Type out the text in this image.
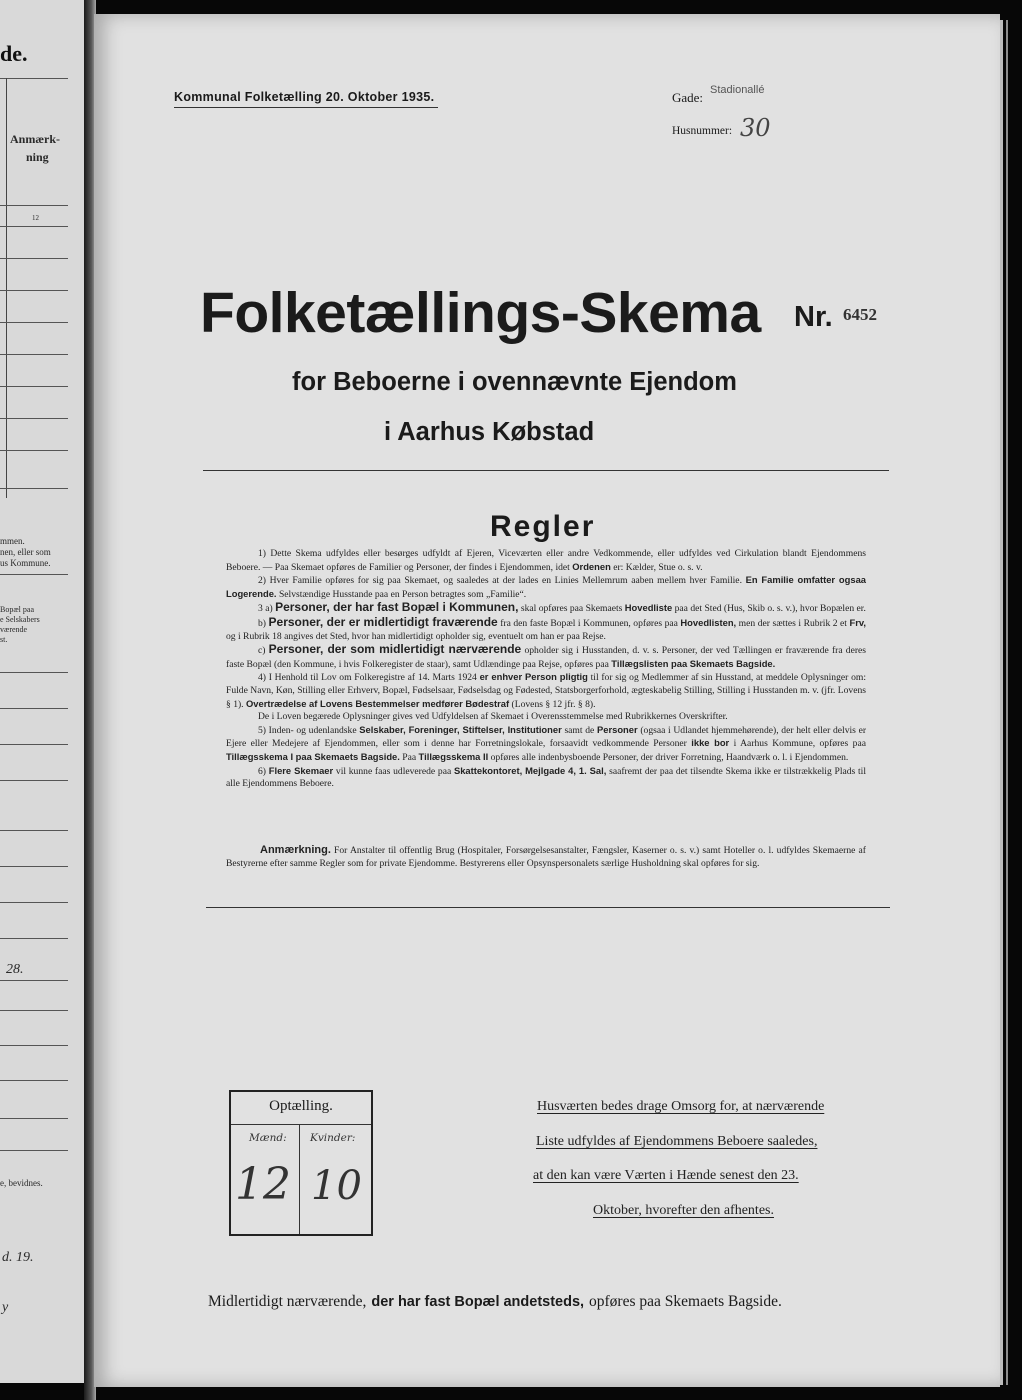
de.
Anmærk-
ning
12
mmen.
nen, eller som
us Kommune.
Bopæl paa
e Selskabers
værende
st.
28.
e, bevidnes.
d. 19.
y
Kommunal Folketælling 20. Oktober 1935.	Gade: Stadionallé
Husnummer: 30
Folketællings-Skema Nr. 6452
for Beboerne i ovennævnte Ejendom
i Aarhus Købstad
Regler

1) Dette Skema udfyldes eller besørges udfyldt af Ejeren, Viceværten eller andre Vedkommende, eller udfyldes ved Cirkulation blandt Ejendommens Beboere. — Paa Skemaet opføres de Familier og Personer, der findes i Ejendommen, idet Ordenen er: Kælder, Stue o. s. v.

2) Hver Familie opføres for sig paa Skemaet, og saaledes at der lades en Linies Mellemrum aaben mellem hver Familie. En Familie omfatter ogsaa Logerende. Selvstændige Husstande paa en Person betragtes som „Familie“.

3 a) Personer, der har fast Bopæl i Kommunen, skal opføres paa Skemaets Hovedliste paa det Sted (Hus, Skib o. s. v.), hvor Bopælen er.

b) Personer, der er midlertidigt fraværende fra den faste Bopæl i Kommunen, opføres paa Hovedlisten, men der sættes i Rubrik 2 et Frv, og i Rubrik 18 angives det Sted, hvor han midlertidigt opholder sig, eventuelt om han er paa Rejse.

c) Personer, der som midlertidigt nærværende opholder sig i Husstanden, d. v. s. Personer, der ved Tællingen er fraværende fra deres faste Bopæl (den Kommune, i hvis Folkeregister de staar), samt Udlændinge paa Rejse, opføres paa Tillægslisten paa Skemaets Bagside.

4) I Henhold til Lov om Folkeregistre af 14. Marts 1924 er enhver Person pligtig til for sig og Medlemmer af sin Husstand, at meddele Oplysninger om: Fulde Navn, Køn, Stilling eller Erhverv, Bopæl, Fødselsaar, Fødselsdag og Fødested, Statsborgerforhold, ægteskabelig Stilling, Stilling i Husstanden m. v. (jfr. Lovens § 1). Overtrædelse af Lovens Bestemmelser medfører Bødestraf (Lovens § 12 jfr. § 8).

De i Loven begærede Oplysninger gives ved Udfyldelsen af Skemaet i Overensstemmelse med Rubrikkernes Overskrifter.

5) Inden- og udenlandske Selskaber, Foreninger, Stiftelser, Institutioner samt de Personer (ogsaa i Udlandet hjemmehørende), der helt eller delvis er Ejere eller Medejere af Ejendommen, eller som i denne har Forretningslokale, forsaavidt vedkommende Personer ikke bor i Aarhus Kommune, opføres paa Tillægsskema I paa Skemaets Bagside. Paa Tillægsskema II opføres alle indenbysboende Personer, der driver Forretning, Haandværk o. l. i Ejendommen.

6) Flere Skemaer vil kunne faas udleverede paa Skattekontoret, Mejlgade 4, 1. Sal, saafremt der paa det tilsendte Skema ikke er tilstrækkelig Plads til alle Ejendommens Beboere.

Anmærkning. For Anstalter til offentlig Brug (Hospitaler, Forsørgelsesanstalter, Fængsler, Kaserner o. s. v.) samt Hoteller o. l. udfyldes Skemaerne af Bestyrerne efter samme Regler som for private Ejendomme. Bestyrerens eller Opsynspersonalets særlige Husholdning skal opføres for sig.

Optælling.
Mænd: Kvinder:
12 10
Husværten bedes drage Omsorg for, at nærværende
Liste udfyldes af Ejendommens Beboere saaledes,
at den kan være Værten i Hænde senest den 23.
Oktober, hvorefter den afhentes.
Midlertidigt nærværende, der har fast Bopæl andetsteds, opføres paa Skemaets Bagside.
